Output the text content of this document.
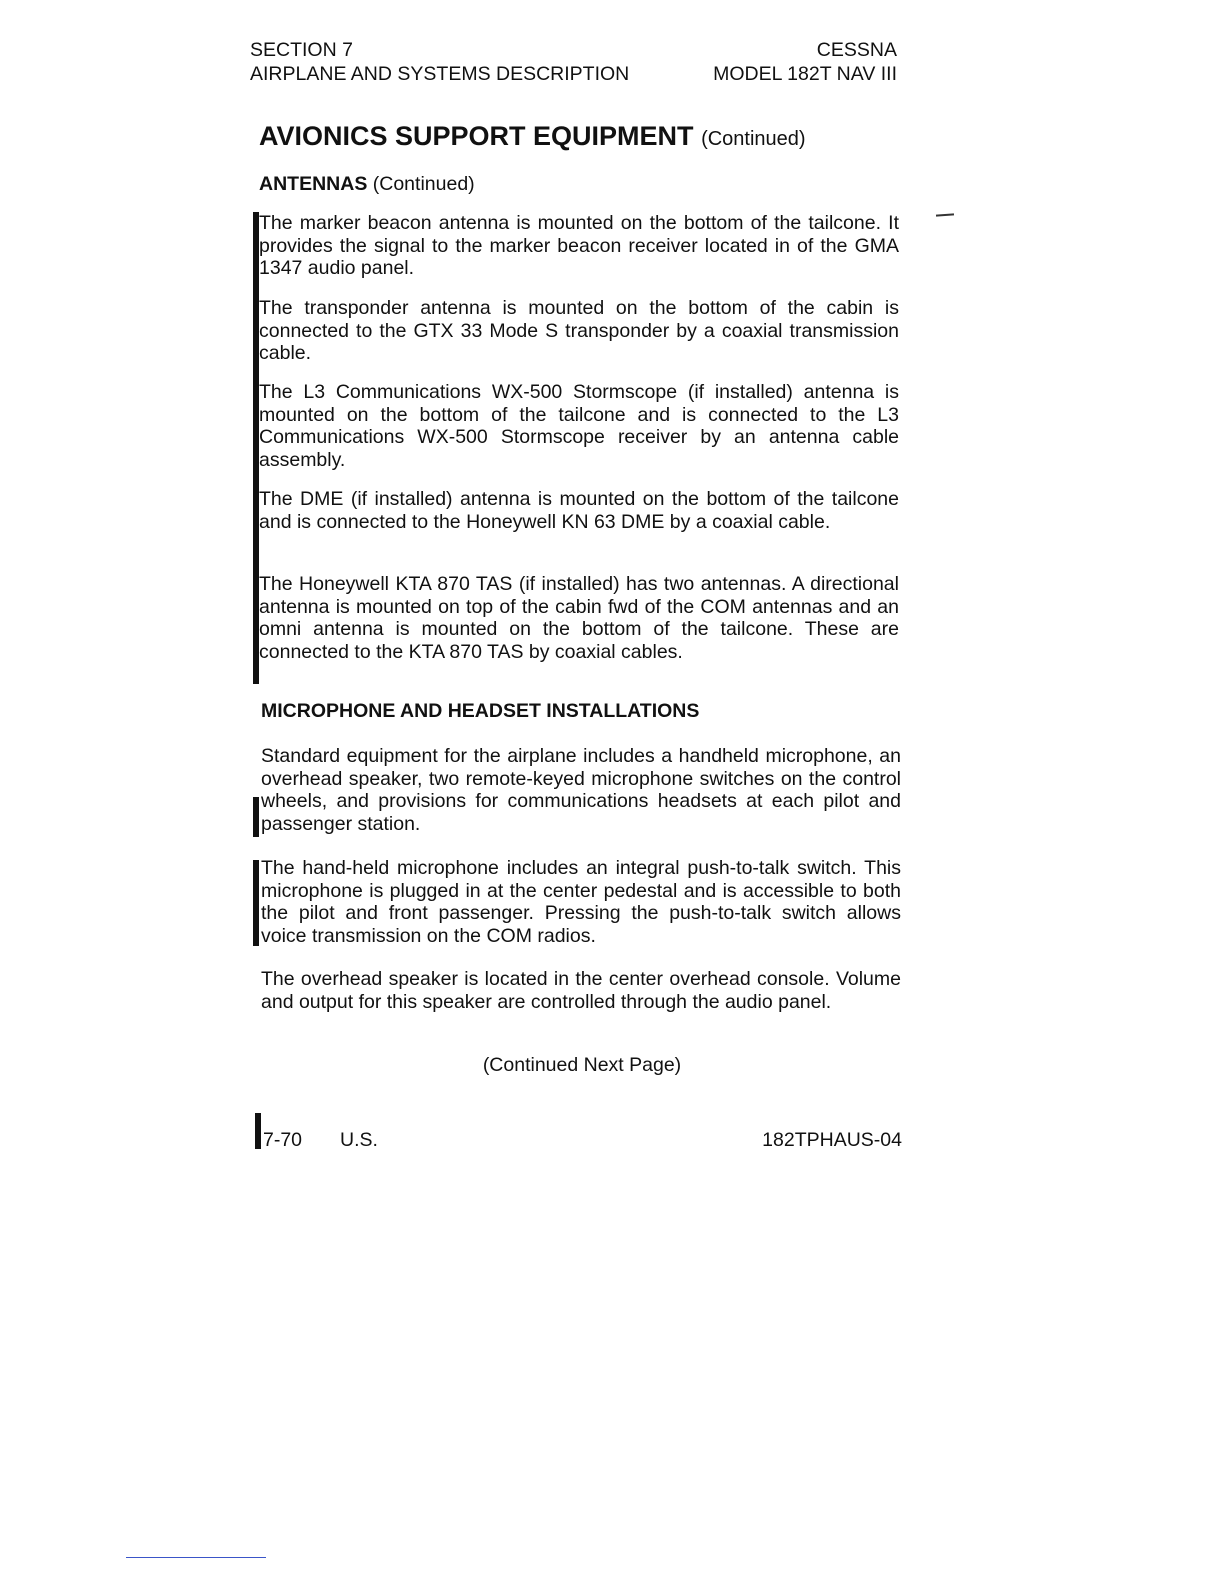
SECTION 7
AIRPLANE AND SYSTEMS DESCRIPTION
CESSNA
MODEL 182T NAV III
AVIONICS SUPPORT EQUIPMENT (Continued)
ANTENNAS (Continued)
The marker beacon antenna is mounted on the bottom of the tailcone. It provides the signal to the marker beacon receiver located in of the GMA 1347 audio panel.
The transponder antenna is mounted on the bottom of the cabin is connected to the GTX 33 Mode S transponder by a coaxial transmission cable.
The L3 Communications WX-500 Stormscope (if installed) antenna is mounted on the bottom of the tailcone and is connected to the L3 Communications WX-500 Stormscope receiver by an antenna cable assembly.
The DME (if installed) antenna is mounted on the bottom of the tailcone and is connected to the Honeywell KN 63 DME by a coaxial cable.
The Honeywell KTA 870 TAS (if installed) has two antennas. A directional antenna is mounted on top of the cabin fwd of the COM antennas and an omni antenna is mounted on the bottom of the tailcone. These are connected to the KTA 870 TAS by coaxial cables.
MICROPHONE AND HEADSET INSTALLATIONS
Standard equipment for the airplane includes a handheld microphone, an overhead speaker, two remote-keyed microphone switches on the control wheels, and provisions for communications headsets at each pilot and passenger station.
The hand-held microphone includes an integral push-to-talk switch. This microphone is plugged in at the center pedestal and is accessible to both the pilot and front passenger. Pressing the push-to-talk switch allows voice transmission on the COM radios.
The overhead speaker is located in the center overhead console. Volume and output for this speaker are controlled through the audio panel.
(Continued Next Page)
7-70 U.S.	182TPHAUS-04
